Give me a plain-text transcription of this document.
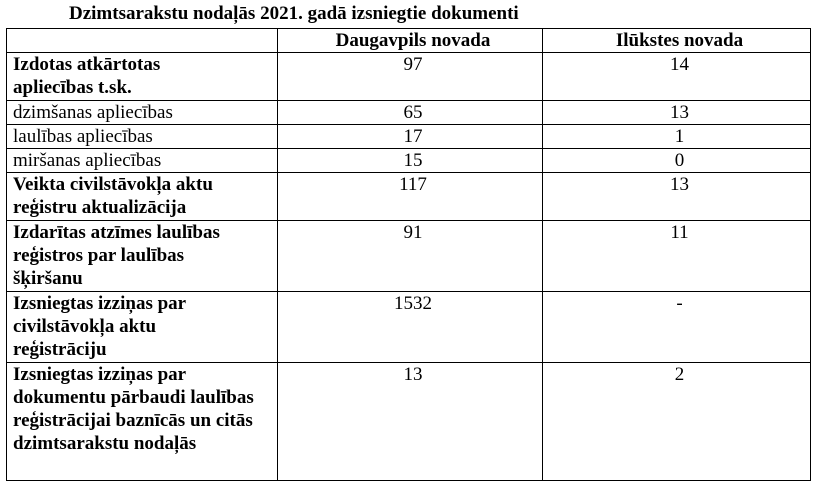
Dzimtsarakstu nodaļās 2021. gadā izsniegtie dokumenti
	Daugavpils novada	Ilūkstes novada
Izdotas atkārtotas apliecības t.sk.	97	14
dzimšanas apliecības	65	13
laulības apliecības	17	1
miršanas apliecības	15	0
Veikta civilstāvokļa aktu reģistru aktualizācija	117	13
Izdarītas atzīmes laulības reģistros par laulības šķiršanu	91	11
Izsniegtas izziņas par civilstāvokļa aktu reģistrāciju	1532	-
Izsniegtas izziņas par dokumentu pārbaudi laulības reģistrācijai baznīcās un citās dzimtsarakstu nodaļās	13	2
